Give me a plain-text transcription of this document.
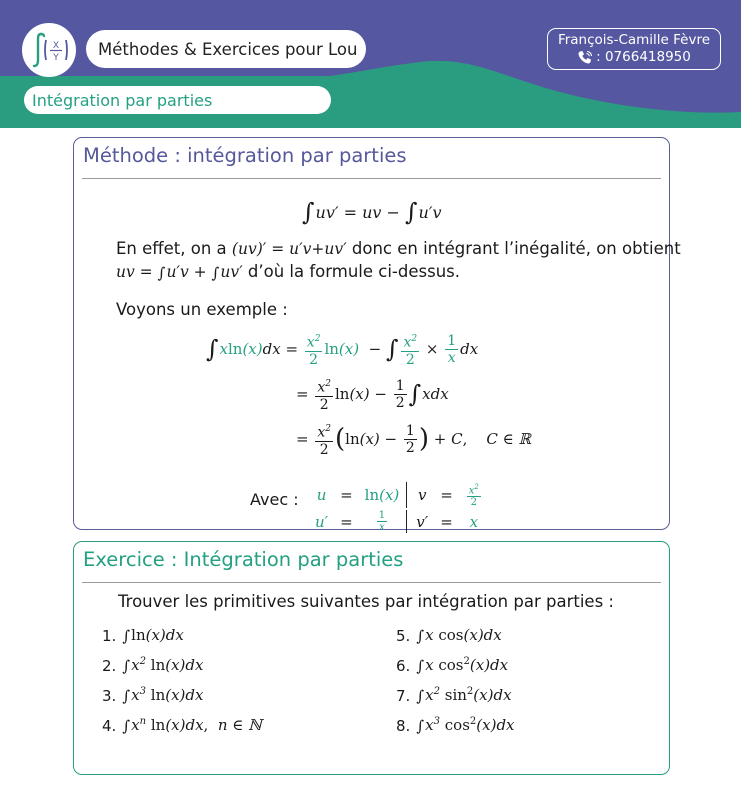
X
Y Méthodes & Exercices pour Lou	François-Camille Fèvre
: 0766418950
Intégration par parties
Méthode : intégration par parties
∫ uv′ = uv − ∫ u′v
En effet, on a (uv)′ = u′v+uv′ donc en intégrant l’inégalité, on obtient
uv = ∫u′v + ∫uv′ d’où la formule ci-dessus.
Voyons un exemple :
∫ x ln (x) dx = $\frac{x^2}{2}$ ln (x) − ∫ $\frac{x^2}{2} \times \frac{1}{x}$ dx
= $\frac{x^2}{2}$ $\ln (x) - \frac{1}{2}$ ∫ xdx
= $\frac{x^2}{2}$ ( $\ln (x) - \frac{1}{2}$ ) + C , C ∈ ℝ
Avec : u	=	ln(x)	v	=	$\frac{x^2}{2}$

u′	=	$\frac{1}{x}$	v′	=	x
Exercice : Intégration par parties
Trouver les primitives suivantes par intégration par parties :
1. ∫ln(x)dx
2. $\int x^2$ ln(x)dx
3. $\int x^3$ ln(x)dx
4. $\int x^n$ ln(x)dx,  n ∈ ℕ
5. ∫x cos(x)dx
6. ∫x $\cos^2(x)dx$
7. $\int x^2$ $\sin^2(x)dx$
8. $\int x^3$ $\cos^2(x)dx$
